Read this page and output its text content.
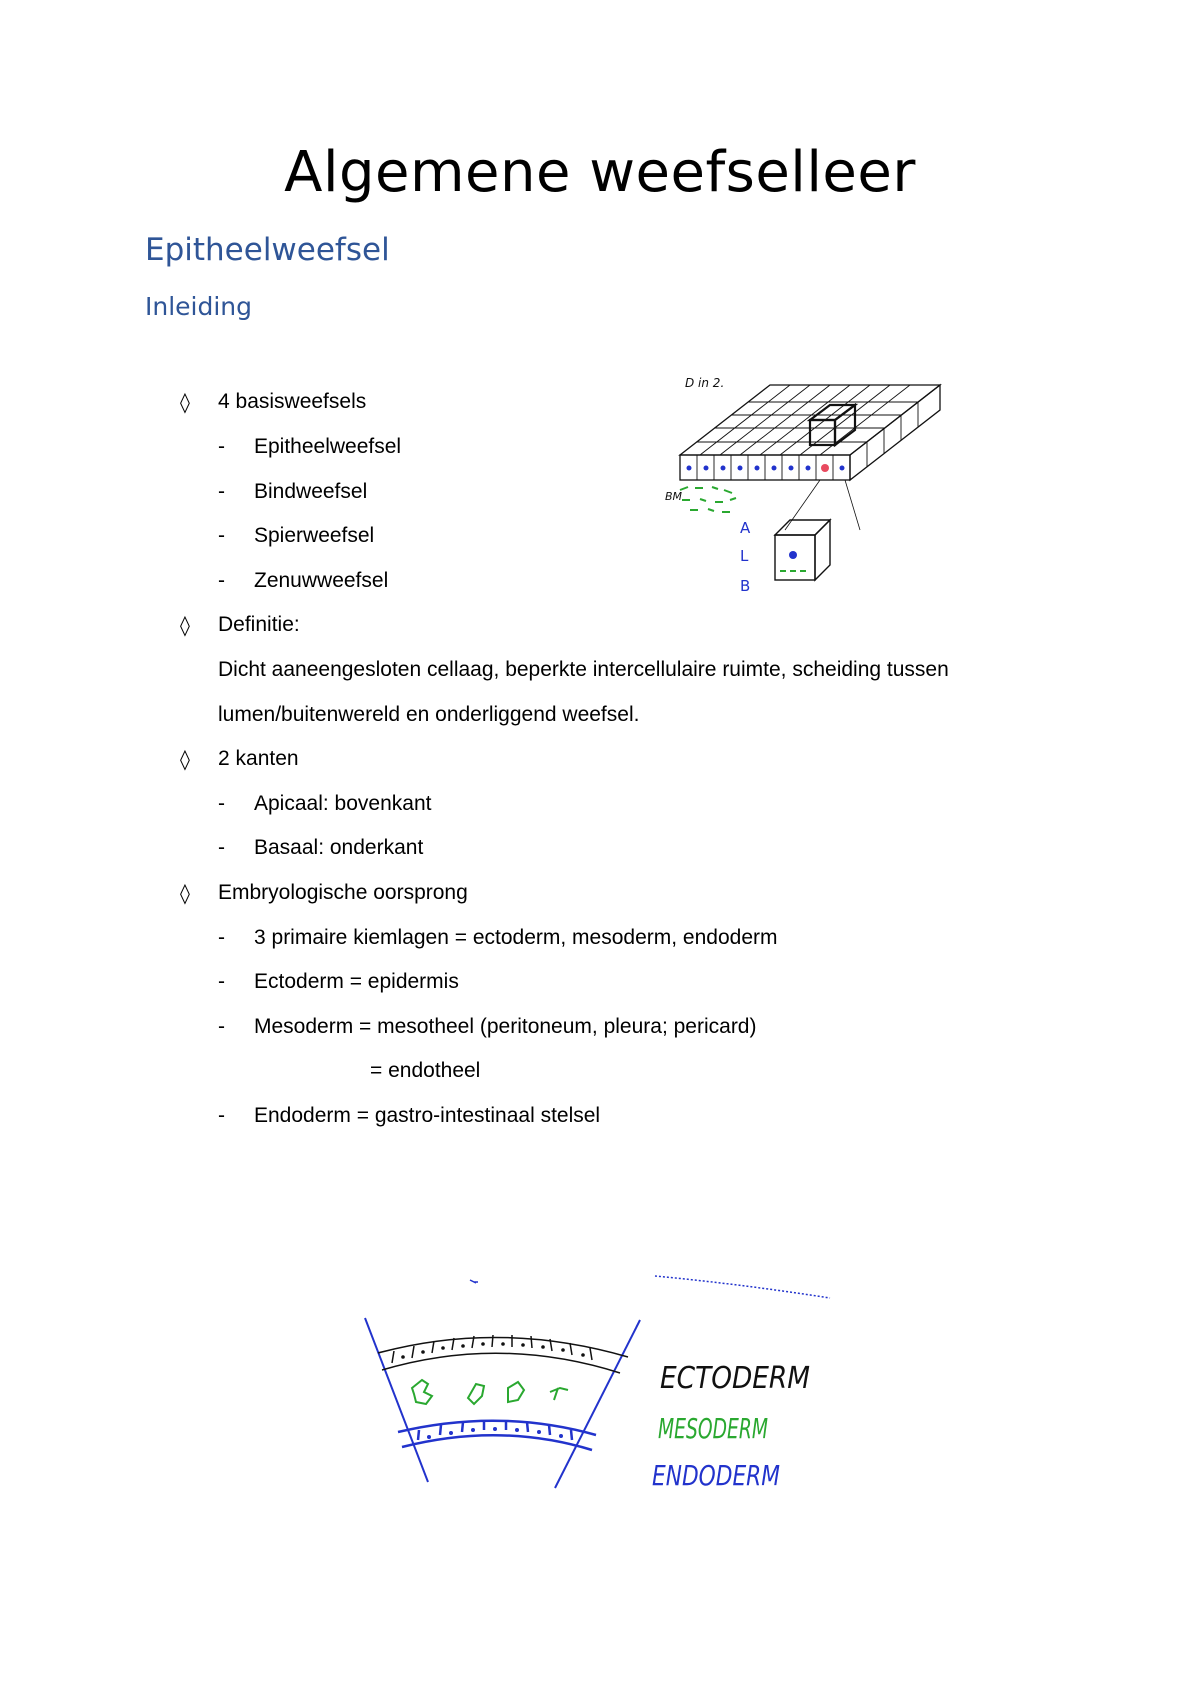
Algemene weefselleer
Epitheelweefsel
Inleiding
◊ 4 basisweefsels
- Epitheelweefsel
- Bindweefsel
- Spierweefsel
- Zenuwweefsel
◊ Definitie:
Dicht aaneengesloten cellaag, beperkte intercellulaire ruimte, scheiding tussen
lumen/buitenwereld en onderliggend weefsel.
◊ 2 kanten
- Apicaal: bovenkant
- Basaal: onderkant
◊ Embryologische oorsprong
- 3 primaire kiemlagen = ectoderm, mesoderm, endoderm
- Ectoderm = epidermis
- Mesoderm = mesotheel (peritoneum, pleura; pericard)
= endotheel
- Endoderm = gastro-intestinaal stelsel
D in 2.
BM
A
L
B
ECTODERM
MESODERM
ENDODERM
